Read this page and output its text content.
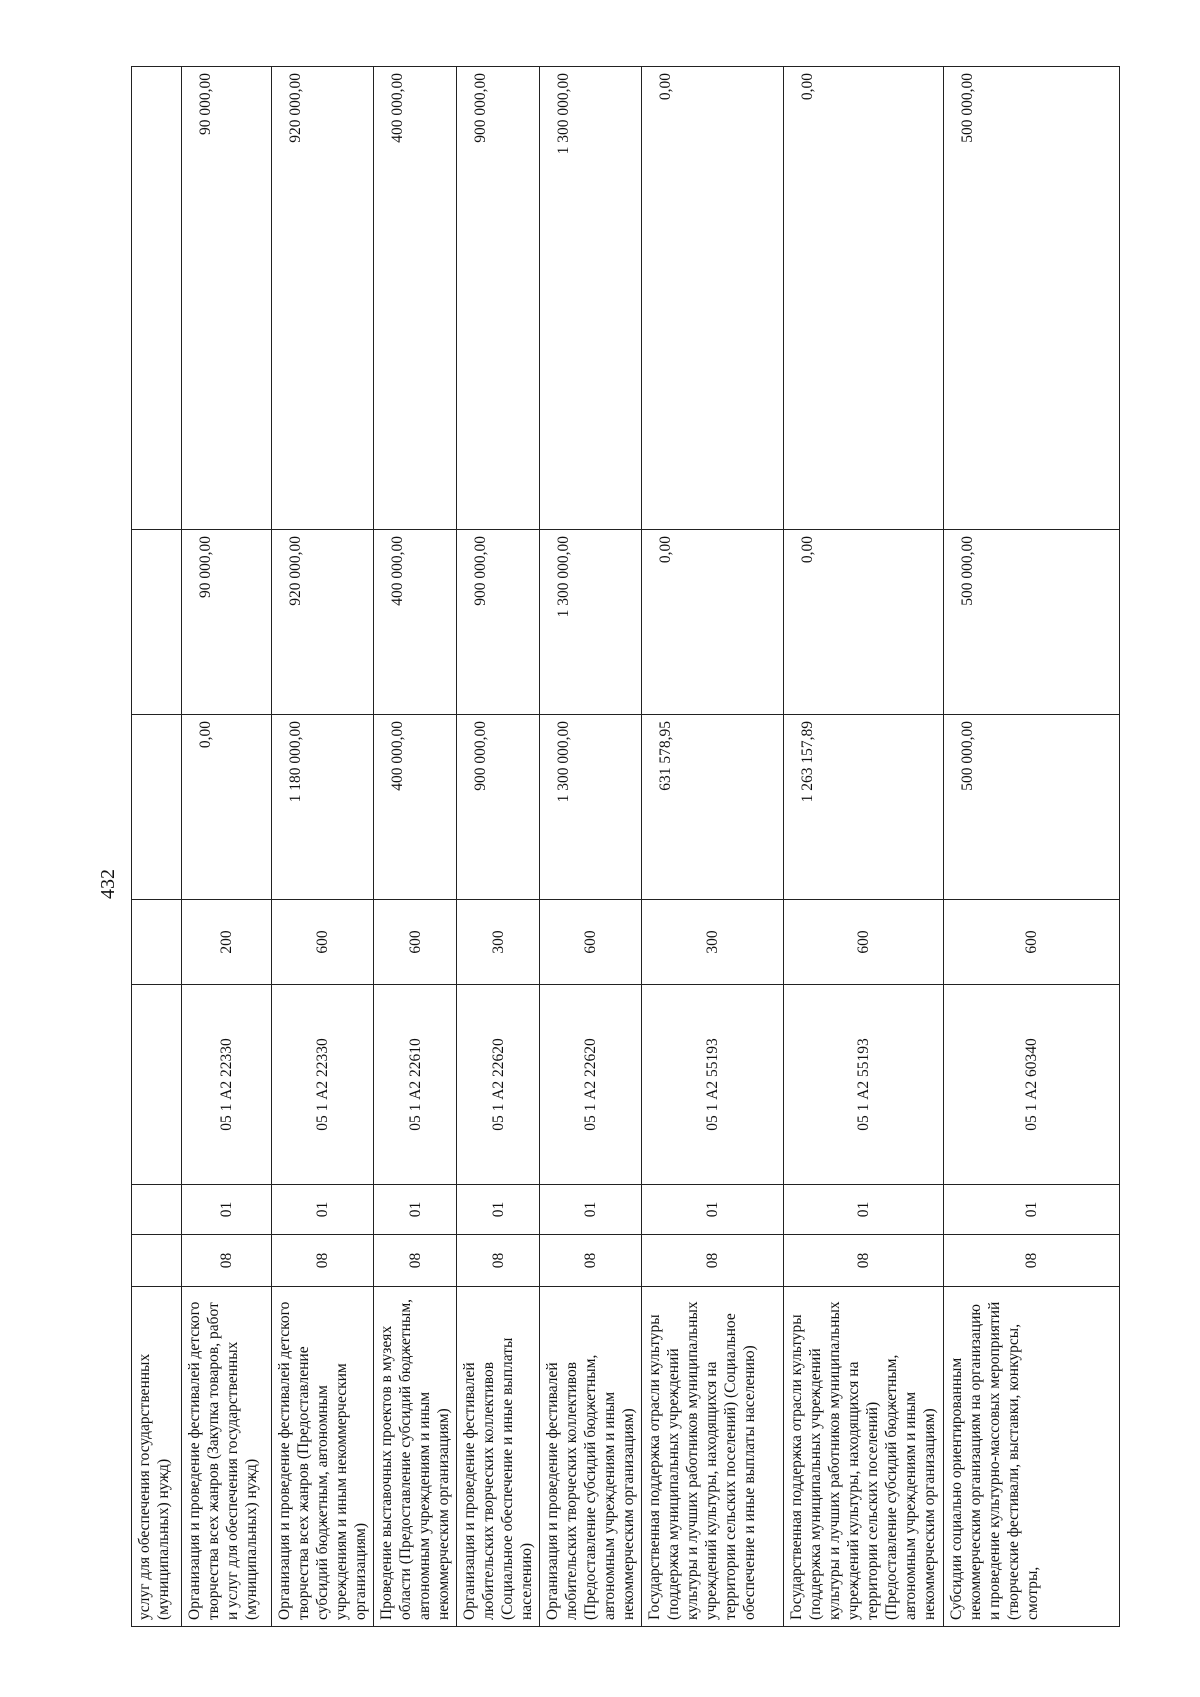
432
услуг для обеспечения государственных (муниципальных) нужд)							
Организация и проведение фестивалей детского творчества всех жанров (Закупка товаров, работ и услуг для обеспечения государственных (муниципальных) нужд)	08	01	05 1 А2 22330	200	0,00	90 000,00	90 000,00
Организация и проведение фестивалей детского творчества всех жанров (Предоставление субсидий бюджетным, автономным учреждениям и иным некоммерческим организациям)	08	01	05 1 А2 22330	600	1 180 000,00	920 000,00	920 000,00
Проведение выставочных проектов в музеях области (Предоставление субсидий бюджетным, автономным учреждениям и иным некоммерческим организациям)	08	01	05 1 А2 22610	600	400 000,00	400 000,00	400 000,00
Организация и проведение фестивалей любительских творческих коллективов (Социальное обеспечение и иные выплаты населению)	08	01	05 1 А2 22620	300	900 000,00	900 000,00	900 000,00
Организация и проведение фестивалей любительских творческих коллективов (Предоставление субсидий бюджетным, автономным учреждениям и иным некоммерческим организациям)	08	01	05 1 А2 22620	600	1 300 000,00	1 300 000,00	1 300 000,00
Государственная поддержка отрасли культуры (поддержка муниципальных учреждений культуры и лучших работников муниципальных учреждений культуры, находящихся на территории сельских поселений) (Социальное обеспечение и иные выплаты населению)	08	01	05 1 А2 55193	300	631 578,95	0,00	0,00
Государственная поддержка отрасли культуры (поддержка муниципальных учреждений культуры и лучших работников муниципальных учреждений культуры, находящихся на территории сельских поселений) (Предоставление субсидий бюджетным, автономным учреждениям и иным некоммерческим организациям)	08	01	05 1 А2 55193	600	1 263 157,89	0,00	0,00
Субсидии социально ориентированным некоммерческим организациям на организацию и проведение культурно-массовых мероприятий (творческие фестивали, выставки, конкурсы, смотры,	08	01	05 1 А2 60340	600	500 000,00	500 000,00	500 000,00
